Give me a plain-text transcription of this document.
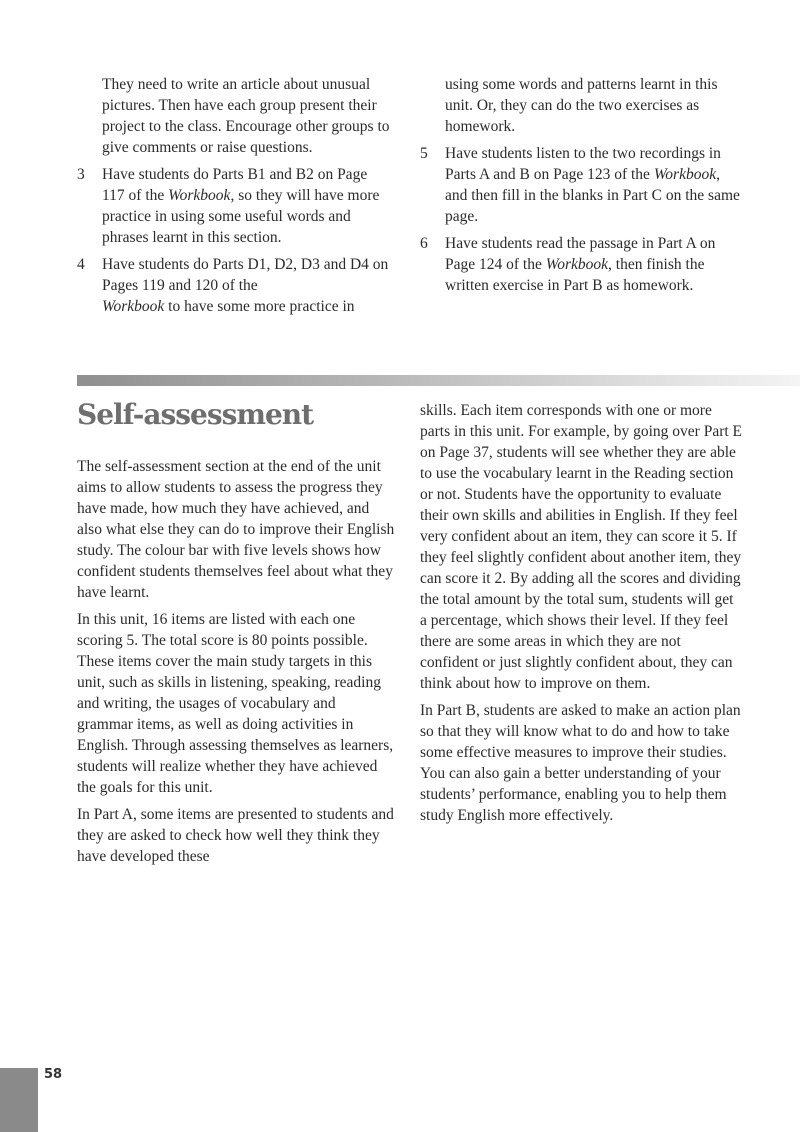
They need to write an article about unusual pictures. Then have each group present their project to the class. Encourage other groups to give comments or raise questions.

3 Have students do Parts B1 and B2 on Page 117 of the Workbook, so they will have more practice in using some useful words and phrases learnt in this section.
4 Have students do Parts D1, D2, D3 and D4 on Pages 119 and 120 of the
Workbook to have some more practice in

using some words and patterns learnt in this unit. Or, they can do the two exercises as homework.

5 Have students listen to the two recordings in Parts A and B on Page 123 of the Workbook, and then fill in the blanks in Part C on the same page.
6 Have students read the passage in Part A on Page 124 of the Workbook, then finish the written exercise in Part B as homework.
Self-assessment

The self-assessment section at the end of the unit aims to allow students to assess the progress they have made, how much they have achieved, and also what else they can do to improve their English study. The colour bar with five levels shows how confident students themselves feel about what they have learnt.

In this unit, 16 items are listed with each one scoring 5. The total score is 80 points possible. These items cover the main study targets in this unit, such as skills in listening, speaking, reading and writing, the usages of vocabulary and grammar items, as well as doing activities in English. Through assessing themselves as learners, students will realize whether they have achieved the goals for this unit.

In Part A, some items are presented to students and they are asked to check how well they think they have developed these

skills. Each item corresponds with one or more parts in this unit. For example, by going over Part E on Page 37, students will see whether they are able to use the vocabulary learnt in the Reading section or not. Students have the opportunity to evaluate their own skills and abilities in English. If they feel very confident about an item, they can score it 5. If they feel slightly confident about another item, they can score it 2. By adding all the scores and dividing the total amount by the total sum, students will get a percentage, which shows their level. If they feel there are some areas in which they are not confident or just slightly confident about, they can think about how to improve on them.

In Part B, students are asked to make an action plan so that they will know what to do and how to take some effective measures to improve their studies. You can also gain a better understanding of your students’ performance, enabling you to help them study English more effectively.

58
